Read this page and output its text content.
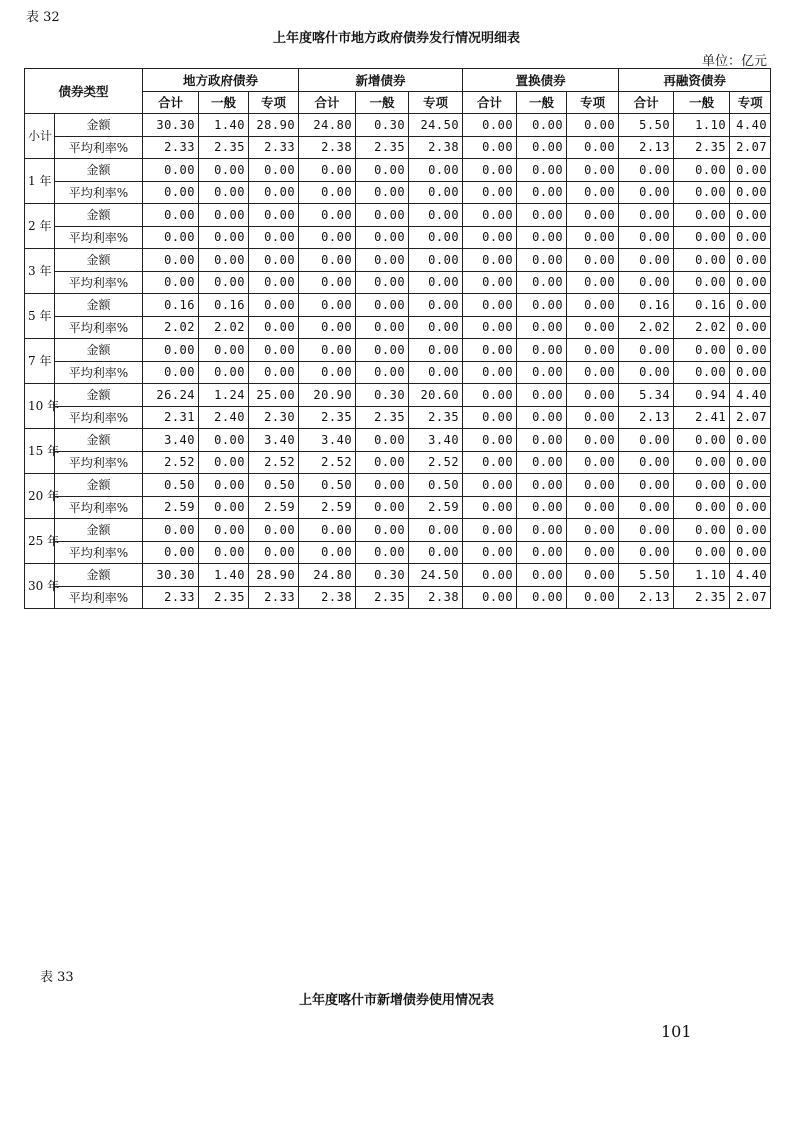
表 32
上年度喀什市地方政府债券发行情况明细表
单位：亿元
债券类型		地方政府债券			新增债券			置换债券			再融资债券		
		合计	一般	专项	合计	一般	专项	合计	一般	专项	合计	一般	专项
小计	金额	30.30	1.40	28.90	24.80	0.30	24.50	0.00	0.00	0.00	5.50	1.10	4.40
	平均利率%	2.33	2.35	2.33	2.38	2.35	2.38	0.00	0.00	0.00	2.13	2.35	2.07
1 年	金额	0.00	0.00	0.00	0.00	0.00	0.00	0.00	0.00	0.00	0.00	0.00	0.00
	平均利率%	0.00	0.00	0.00	0.00	0.00	0.00	0.00	0.00	0.00	0.00	0.00	0.00
2 年	金额	0.00	0.00	0.00	0.00	0.00	0.00	0.00	0.00	0.00	0.00	0.00	0.00
	平均利率%	0.00	0.00	0.00	0.00	0.00	0.00	0.00	0.00	0.00	0.00	0.00	0.00
3 年	金额	0.00	0.00	0.00	0.00	0.00	0.00	0.00	0.00	0.00	0.00	0.00	0.00
	平均利率%	0.00	0.00	0.00	0.00	0.00	0.00	0.00	0.00	0.00	0.00	0.00	0.00
5 年	金额	0.16	0.16	0.00	0.00	0.00	0.00	0.00	0.00	0.00	0.16	0.16	0.00
	平均利率%	2.02	2.02	0.00	0.00	0.00	0.00	0.00	0.00	0.00	2.02	2.02	0.00
7 年	金额	0.00	0.00	0.00	0.00	0.00	0.00	0.00	0.00	0.00	0.00	0.00	0.00
	平均利率%	0.00	0.00	0.00	0.00	0.00	0.00	0.00	0.00	0.00	0.00	0.00	0.00
10 年	金额	26.24	1.24	25.00	20.90	0.30	20.60	0.00	0.00	0.00	5.34	0.94	4.40
	平均利率%	2.31	2.40	2.30	2.35	2.35	2.35	0.00	0.00	0.00	2.13	2.41	2.07
15 年	金额	3.40	0.00	3.40	3.40	0.00	3.40	0.00	0.00	0.00	0.00	0.00	0.00
	平均利率%	2.52	0.00	2.52	2.52	0.00	2.52	0.00	0.00	0.00	0.00	0.00	0.00
20 年	金额	0.50	0.00	0.50	0.50	0.00	0.50	0.00	0.00	0.00	0.00	0.00	0.00
	平均利率%	2.59	0.00	2.59	2.59	0.00	2.59	0.00	0.00	0.00	0.00	0.00	0.00
25 年	金额	0.00	0.00	0.00	0.00	0.00	0.00	0.00	0.00	0.00	0.00	0.00	0.00
	平均利率%	0.00	0.00	0.00	0.00	0.00	0.00	0.00	0.00	0.00	0.00	0.00	0.00
30 年	金额	30.30	1.40	28.90	24.80	0.30	24.50	0.00	0.00	0.00	5.50	1.10	4.40
	平均利率%	2.33	2.35	2.33	2.38	2.35	2.38	0.00	0.00	0.00	2.13	2.35	2.07
表 33
上年度喀什市新增债券使用情况表
101
